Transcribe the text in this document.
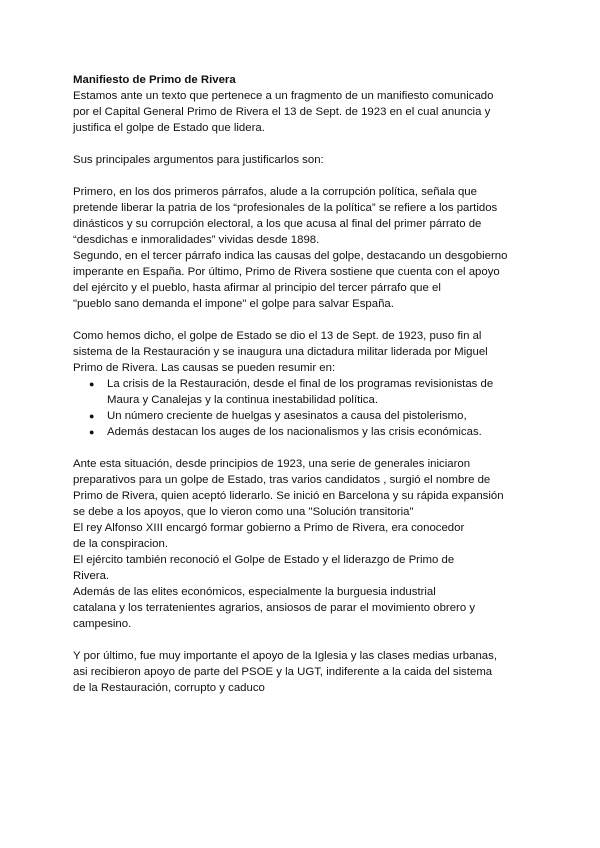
Manifiesto de Primo de Rivera

Estamos ante un texto que pertenece a un fragmento de un manifiesto comunicado
por el Capital General Primo de Rivera el 13 de Sept. de 1923 en el cual anuncia y
justifica el golpe de Estado que lidera.
Sus principales argumentos para justificarlos son:
Primero, en los dos primeros párrafos, alude a la corrupción política, señala que
pretende liberar la patria de los “profesionales de la política” se refiere a los partidos
dinásticos y su corrupción electoral, a los que acusa al final del primer párrato de
“desdichas e inmoralidades” vividas desde 1898.
Segundo, en el tercer párrafo indica las causas del golpe, destacando un desgobierno
imperante en España. Por último, Primo de Rivera sostiene que cuenta con el apoyo
del ejército y el pueblo, hasta afirmar al principio del tercer párrafo que el
"pueblo sano demanda el impone" el golpe para salvar España.
Como hemos dicho, el golpe de Estado se dio el 13 de Sept. de 1923, puso fin al
sistema de la Restauración y se inaugura una dictadura militar liderada por Miguel
Primo de Rivera. Las causas se pueden resumir en:
● La crisis de la Restauración, desde el final de los programas revisionistas de
Maura y Canalejas y la continua inestabilidad política.
● Un número creciente de huelgas y asesinatos a causa del pistolerismo,
● Además destacan los auges de los nacionalismos y las crisis económicas.
Ante esta situación, desde principios de 1923, una serie de generales iniciaron
preparativos para un golpe de Estado, tras varios candidatos , surgió el nombre de
Primo de Rivera, quien aceptó liderarlo. Se inició en Barcelona y su rápida expansión
se debe a los apoyos, que lo vieron como una "Solución transitoria"
El rey Alfonso XIII encargó formar gobierno a Primo de Rivera, era conocedor
de la conspiracion.
El ejército también reconoció el Golpe de Estado y el liderazgo de Primo de
Rivera.
Además de las elites económicos, especialmente la burguesia industrial
catalana y los terratenientes agrarios, ansiosos de parar el movimiento obrero y
campesino.
Y por último, fue muy importante el apoyo de la Iglesia y las clases medias urbanas,
asi recibieron apoyo de parte del PSOE y la UGT, indiferente a la caida del sistema
de la Restauración, corrupto y caduco
